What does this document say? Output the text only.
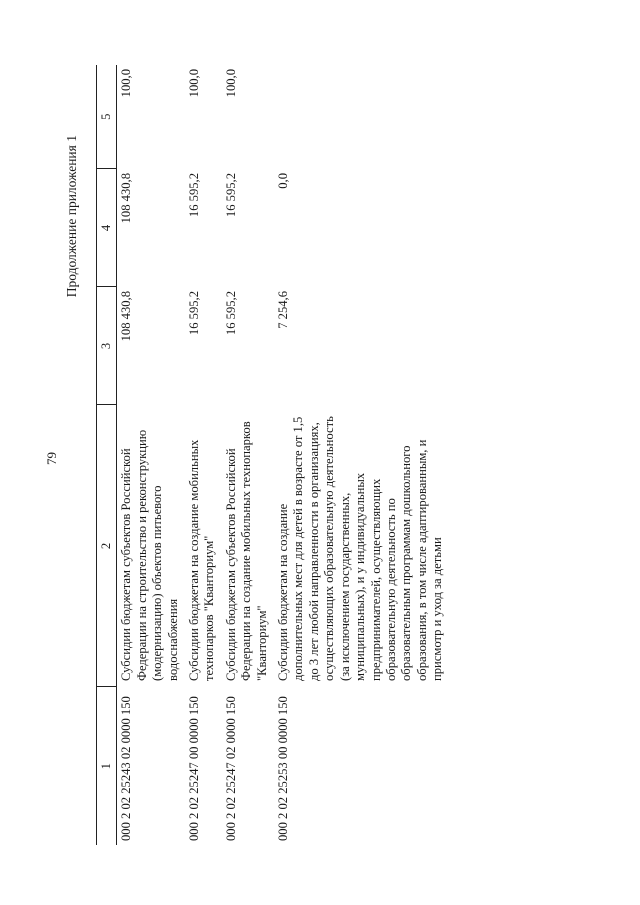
79
Продолжение приложения 1
1	2	3	4	5
000 2 02 25243 02 0000 150	Субсидии бюджетам субъектов Российской Федерации на строительство и реконструкцию (модернизацию) объектов питьевого водоснабжения	108 430,8	108 430,8	100,0
000 2 02 25247 00 0000 150	Субсидии бюджетам на создание мобильных технопарков "Кванториум"	16 595,2	16 595,2	100,0
000 2 02 25247 02 0000 150	Субсидии бюджетам субъектов Российской Федерации на создание мобильных технопарков "Кванториум"	16 595,2	16 595,2	100,0
000 2 02 25253 00 0000 150	Субсидии бюджетам на создание дополнительных мест для детей в возрасте от 1,5 до 3 лет любой направленности в организациях, осуществляющих образовательную деятельность (за исключением государственных, муниципальных), и у индивидуальных предпринимателей, осуществляющих образовательную деятельность по образовательным программам дошкольного образования, в том числе адаптированным, и присмотр и уход за детьми	7 254,6	0,0	
